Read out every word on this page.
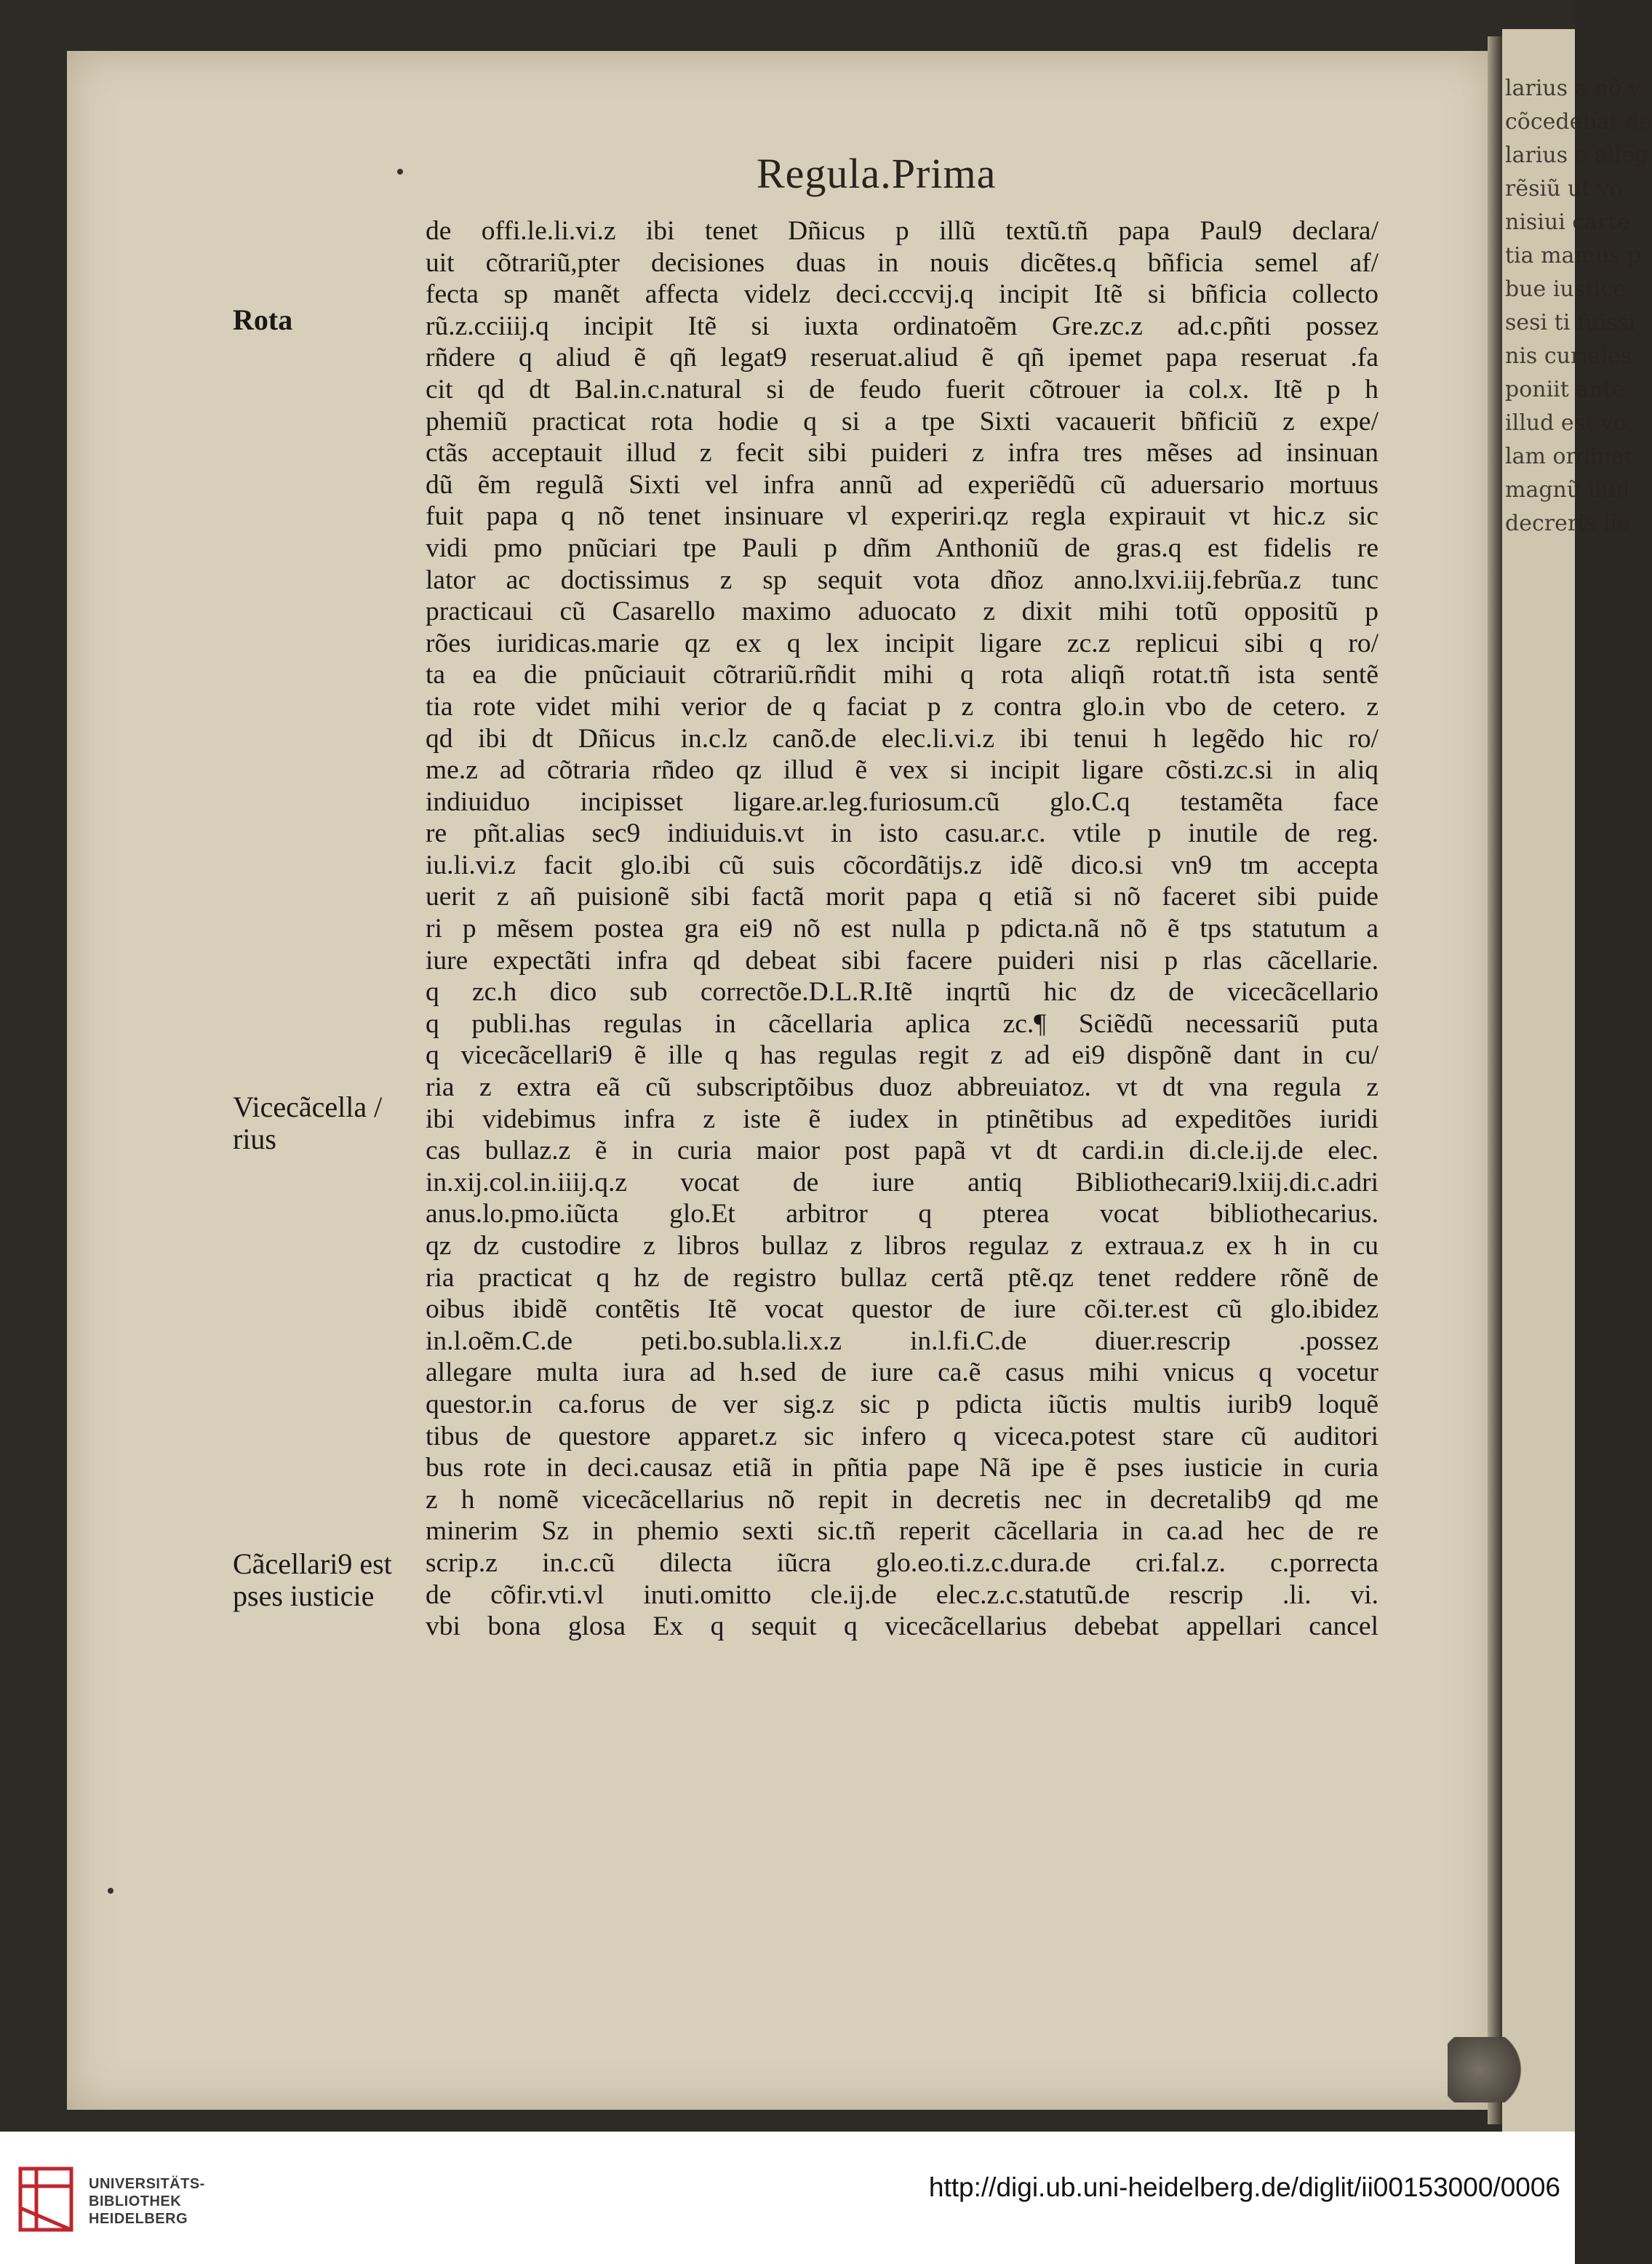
larius a nõ v
cõcedebat de
larius e alleg
rẽsiũ ut vo
nisiui carte
tia mamus p
bue iustice
sesi ti fuissi
nis curiales
poniit ante
illud est vo
lam ordinat
magnũ ilud
decreris lie
Regula.Prima
Rota
Vicecãcella /
rius
Cãcellari9 est
pses iusticie
de offi.le.li.vi.z ibi tenet Dñicus p illũ textũ.tñ papa Paul9 declara/
uit cõtrariũ,pter decisiones duas in nouis dicẽtes.q bñficia semel af/
fecta sp manẽt affecta videlz deci.cccvij.q incipit Itẽ si bñficia collecto
rũ.z.cciiij.q incipit Itẽ si iuxta ordinatoẽm Gre.zc.z ad.c.pñti possez
rñdere q aliud ẽ qñ legat9 reseruat.aliud ẽ qñ ipemet papa reseruat .fa
cit qd dt Bal.in.c.natural si de feudo fuerit cõtrouer ia col.x. Itẽ p h
phemiũ practicat rota hodie q si a tpe Sixti vacauerit bñficiũ z expe/
ctãs acceptauit illud z fecit sibi puideri z infra tres mẽses ad insinuan
dũ ẽm regulã Sixti vel infra annũ ad experiẽdũ cũ aduersario mortuus
fuit papa q nõ tenet insinuare vl experiri.qz regla expirauit vt hic.z sic
vidi pmo pnũciari tpe Pauli p dñm Anthoniũ de gras.q est fidelis re
lator ac doctissimus z sp sequit vota dñoz anno.lxvi.iij.febrũa.z tunc
practicaui cũ Casarello maximo aduocato z dixit mihi totũ oppositũ p
rões iuridicas.marie qz ex q lex incipit ligare zc.z replicui sibi q ro/
ta ea die pnũciauit cõtrariũ.rñdit mihi q rota aliqñ rotat.tñ ista sentẽ
tia rote videt mihi verior de q faciat p z contra glo.in vbo de cetero. z
qd ibi dt Dñicus in.c.lz canõ.de elec.li.vi.z ibi tenui h legẽdo hic ro/
me.z ad cõtraria rñdeo qz illud ẽ vex si incipit ligare cõsti.zc.si in aliq
indiuiduo incipisset ligare.ar.leg.furiosum.cũ glo.C.q testamẽta face
re pñt.alias sec9 indiuiduis.vt in isto casu.ar.c. vtile p inutile de reg.
iu.li.vi.z facit glo.ibi cũ suis cõcordãtijs.z idẽ dico.si vn9 tm accepta
uerit z añ puisionẽ sibi factã morit papa q etiã si nõ faceret sibi puide
ri p mẽsem postea gra ei9 nõ est nulla p pdicta.nã nõ ẽ tps statutum a
iure expectãti infra qd debeat sibi facere puideri nisi p rlas cãcellarie.
q zc.h dico sub correctõe.D.L.R.Itẽ inqrtũ hic dz de vicecãcellario
q publi.has regulas in cãcellaria aplica zc.¶ Sciẽdũ necessariũ puta
q vicecãcellari9 ẽ ille q has regulas regit z ad ei9 dispõnẽ dant in cu/
ria z extra eã cũ subscriptõibus duoz abbreuiatoz. vt dt vna regula z
ibi videbimus infra z iste ẽ iudex in ptinẽtibus ad expeditões iuridi
cas bullaz.z ẽ in curia maior post papã vt dt cardi.in di.cle.ij.de elec.
in.xij.col.in.iiij.q.z vocat de iure antiq Bibliothecari9.lxiij.di.c.adri
anus.lo.pmo.iũcta glo.Et arbitror q pterea vocat bibliothecarius.
qz dz custodire z libros bullaz z libros regulaz z extraua.z ex h in cu
ria practicat q hz de registro bullaz certã ptẽ.qz tenet reddere rõnẽ de
oibus ibidẽ contẽtis Itẽ vocat questor de iure cõi.ter.est cũ glo.ibidez
in.l.oẽm.C.de peti.bo.subla.li.x.z in.l.fi.C.de diuer.rescrip .possez
allegare multa iura ad h.sed de iure ca.ẽ casus mihi vnicus q vocetur
questor.in ca.forus de ver sig.z sic p pdicta iũctis multis iurib9 loquẽ
tibus de questore apparet.z sic infero q viceca.potest stare cũ auditori
bus rote in deci.causaz etiã in pñtia pape Nã ipe ẽ pses iusticie in curia
z h nomẽ vicecãcellarius nõ repit in decretis nec in decretalib9 qd me
minerim Sz in phemio sexti sic.tñ reperit cãcellaria in ca.ad hec de re
scrip.z in.c.cũ dilecta iũcra glo.eo.ti.z.c.dura.de cri.fal.z. c.porrecta
de cõfir.vti.vl inuti.omitto cle.ij.de elec.z.c.statutũ.de rescrip .li. vi.
vbi bona glosa Ex q sequit q vicecãcellarius debebat appellari cancel
UNIVERSITÄTS-
BIBLIOTHEK
HEIDELBERG
http://digi.ub.uni-heidelberg.de/diglit/ii00153000/0006
